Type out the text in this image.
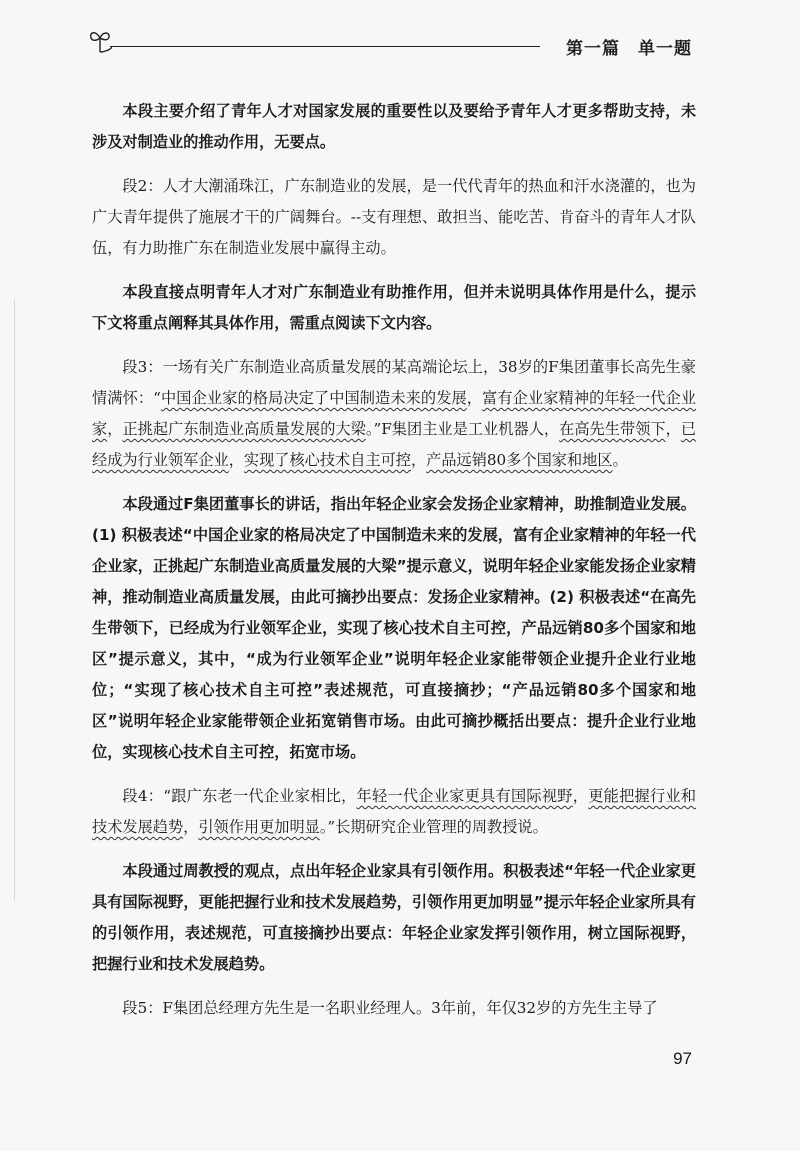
第一篇　单一题

本段主要介绍了青年人才对国家发展的重要性以及要给予青年人才更多帮助支持，未涉及对制造业的推动作用，无要点。

段2：人才大潮涌珠江，广东制造业的发展，是一代代青年的热血和汗水浇灌的，也为广大青年提供了施展才干的广阔舞台。--支有理想、敢担当、能吃苦、肯奋斗的青年人才队伍，有力助推广东在制造业发展中赢得主动。

本段直接点明青年人才对广东制造业有助推作用，但并未说明具体作用是什么，提示下文将重点阐释其具体作用，需重点阅读下文内容。

段3：一场有关广东制造业高质量发展的某高端论坛上，38岁的F集团董事长高先生豪情满怀：“中国企业家的格局决定了中国制造未来的发展，富有企业家精神的年轻一代企业家，正挑起广东制造业高质量发展的大梁。”F集团主业是工业机器人，在高先生带领下，已经成为行业领军企业，实现了核心技术自主可控，产品远销80多个国家和地区。

本段通过F集团董事长的讲话，指出年轻企业家会发扬企业家精神，助推制造业发展。(1) 积极表述“中国企业家的格局决定了中国制造未来的发展，富有企业家精神的年轻一代企业家，正挑起广东制造业高质量发展的大梁”提示意义，说明年轻企业家能发扬企业家精神，推动制造业高质量发展，由此可摘抄出要点：发扬企业家精神。(2) 积极表述“在高先生带领下，已经成为行业领军企业，实现了核心技术自主可控，产品远销80多个国家和地区”提示意义，其中，“成为行业领军企业”说明年轻企业家能带领企业提升企业行业地位；“实现了核心技术自主可控”表述规范，可直接摘抄；“产品远销80多个国家和地区”说明年轻企业家能带领企业拓宽销售市场。由此可摘抄概括出要点：提升企业行业地位，实现核心技术自主可控，拓宽市场。

段4：“跟广东老一代企业家相比，年轻一代企业家更具有国际视野，更能把握行业和技术发展趋势，引领作用更加明显。”长期研究企业管理的周教授说。

本段通过周教授的观点，点出年轻企业家具有引领作用。积极表述“年轻一代企业家更具有国际视野，更能把握行业和技术发展趋势，引领作用更加明显”提示年轻企业家所具有的引领作用，表述规范，可直接摘抄出要点：年轻企业家发挥引领作用，树立国际视野，把握行业和技术发展趋势。

段5：F集团总经理方先生是一名职业经理人。3年前，年仅32岁的方先生主导了

97
